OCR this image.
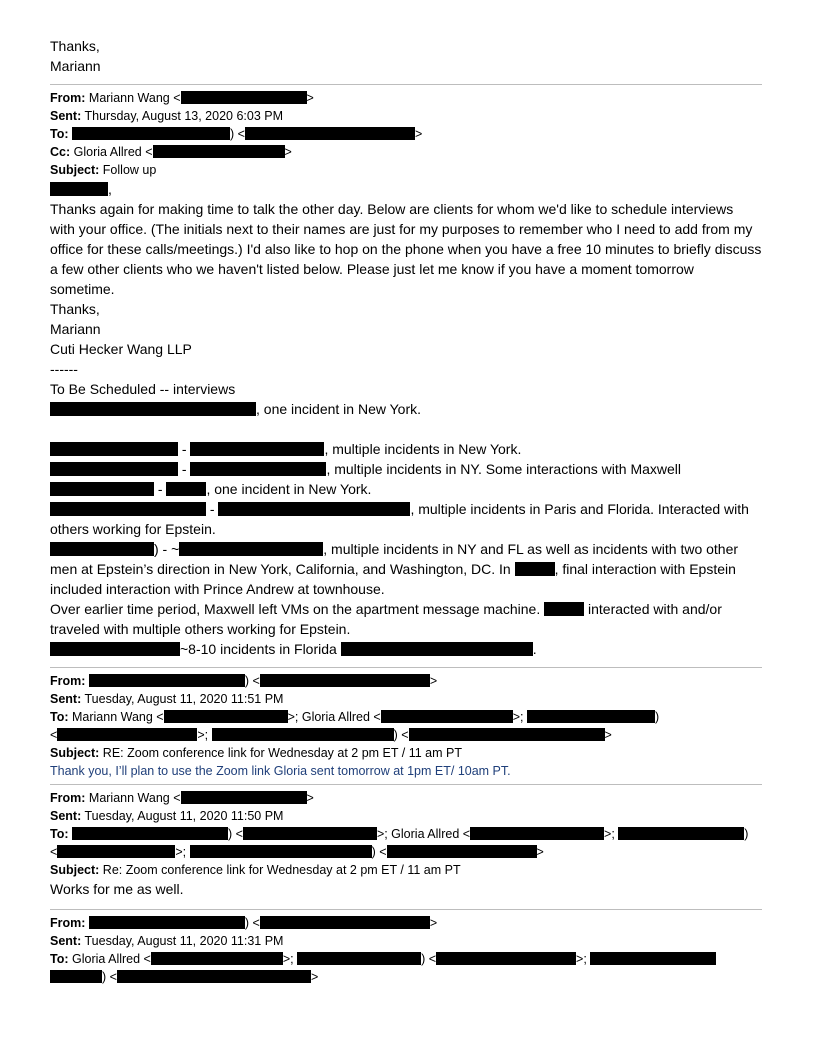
Thanks,
Mariann
From: Mariann Wang <	>
Sent: Thursday, August 13, 2020 6:03 PM
To:	) <	>
Cc: Gloria Allred <	>
Subject: Follow up
,
Thanks again for making time to talk the other day. Below are clients for whom we'd like to schedule interviews with your office. (The initials next to their names are just for my purposes to remember who I need to add from my office for these calls/meetings.) I'd also like to hop on the phone when you have a free 10 minutes to briefly discuss a few other clients who we haven't listed below. Please just let me know if you have a moment tomorrow sometime.
Thanks,
Mariann
Cuti Hecker Wang LLP
------
To Be Scheduled -- interviews
, one incident in New York.
-	, multiple incidents in New York.
-	, multiple incidents in NY. Some interactions with Maxwell
-	, one incident in New York.
-	, multiple incidents in Paris and Florida. Interacted with others working for Epstein.
) - ~	, multiple incidents in NY and FL as well as incidents with two other men at Epstein’s direction in New York, California, and Washington, DC. In	, final interaction with Epstein included interaction with Prince Andrew at townhouse.
Over earlier time period, Maxwell left VMs on the apartment message machine.	interacted with and/or traveled with multiple others working for Epstein.
~8-10 incidents in Florida	.
From:	) <	>
Sent: Tuesday, August 11, 2020 11:51 PM
To: Mariann Wang <	>; Gloria Allred <	>;	)
<	>;	) <	>
Subject: RE: Zoom conference link for Wednesday at 2 pm ET / 11 am PT
Thank you, I’ll plan to use the Zoom link Gloria sent tomorrow at 1pm ET/ 10am PT.
From: Mariann Wang <	>
Sent: Tuesday, August 11, 2020 11:50 PM
To:	) <	>; Gloria Allred <	>;	)
<	>;	) <	>
Subject: Re: Zoom conference link for Wednesday at 2 pm ET / 11 am PT
Works for me as well.
From:	) <	>
Sent: Tuesday, August 11, 2020 11:31 PM
To: Gloria Allred <	>;	) <	>;
) <	>
